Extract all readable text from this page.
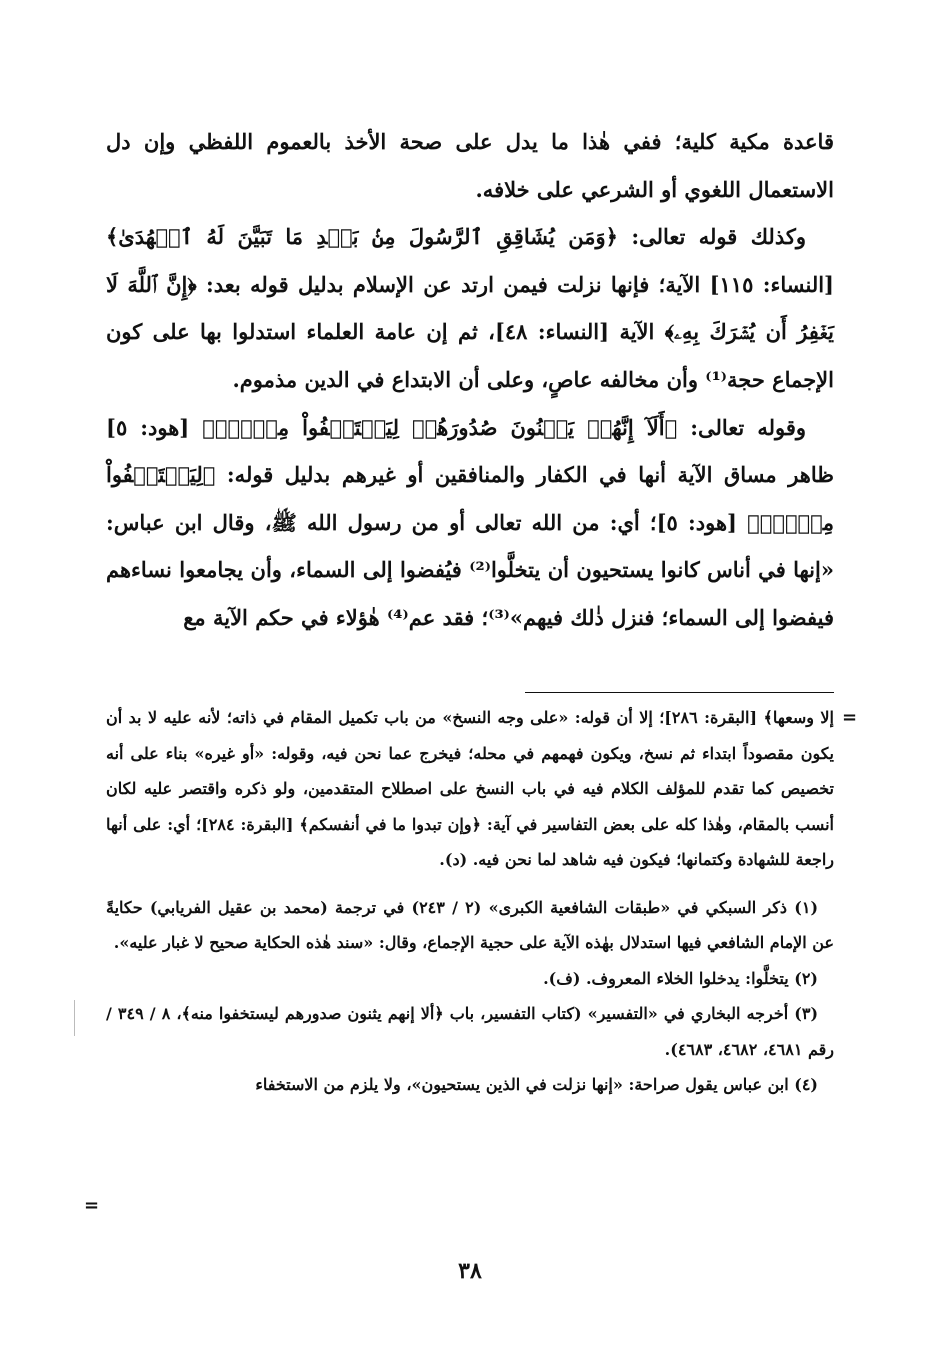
قاعدة مكية كلية؛ ففي هٰذا ما يدل على صحة الأخذ بالعموم اللفظي وإن دل الاستعمال اللغوي أو الشرعي على خلافه.

وكذلك قوله تعالى: ﴿وَمَن يُشَاقِقِ ٱلرَّسُولَ مِنۢ بَعۡدِ مَا تَبَيَّنَ لَهُ ٱلۡهُدَىٰ﴾ [النساء: ١١٥] الآية؛ فإنها نزلت فيمن ارتد عن الإسلام بدليل قوله بعد: ﴿إِنَّ ٱللَّهَ لَا يَغۡفِرُ أَن يُشۡرَكَ بِهِۦ﴾ الآية [النساء: ٤٨]، ثم إن عامة العلماء استدلوا بها على كون الإجماع حجة⁽¹⁾ وأن مخالفه عاصٍ، وعلى أن الابتداع في الدين مذموم.

وقوله تعالى: ﴿أَلَآ إِنَّهُمۡ يَثۡنُونَ صُدُورَهُمۡ لِيَسۡتَخۡفُواْ مِنۡهُۚ﴾ [هود: ٥] ظاهر مساق الآية أنها في الكفار والمنافقين أو غيرهم بدليل قوله: ﴿لِيَسۡتَخۡفُواْ مِنۡهُۚ﴾ [هود: ٥]؛ أي: من الله تعالى أو من رسول الله ﷺ، وقال ابن عباس: «إنها في أناس كانوا يستحيون أن يتخلَّوا⁽²⁾ فيُفضوا إلى السماء، وأن يجامعوا نساءهم فيفضوا إلى السماء؛ فنزل ذٰلك فيهم»⁽³⁾؛ فقد عم⁽⁴⁾ هٰؤلاء في حكم الآية مع

=

إلا وسعها﴾ [البقرة: ٢٨٦]؛ إلا أن قوله: «على وجه النسخ» من باب تكميل المقام في ذاته؛ لأنه عليه لا بد أن يكون مقصوداً ابتداء ثم نسخ، ويكون فهمهم في محله؛ فيخرج عما نحن فيه، وقوله: «أو غيره» بناء على أنه تخصيص كما تقدم للمؤلف الكلام فيه في باب النسخ على اصطلاح المتقدمين، ولو ذكره واقتصر عليه لكان أنسب بالمقام، وهٰذا كله على بعض التفاسير في آية: ﴿وإن تبدوا ما في أنفسكم﴾ [البقرة: ٢٨٤]؛ أي: على أنها راجعة للشهادة وكتمانها؛ فيكون فيه شاهد لما نحن فيه. (د).

(١) ذكر السبكي في «طبقات الشافعية الكبرى» (٢ / ٢٤٣) في ترجمة (محمد بن عقيل الفريابي) حكايةً عن الإمام الشافعي فيها استدلال بهٰذه الآية على حجية الإجماع، وقال: «سند هٰذه الحكاية صحيح لا غبار عليه».

(٢) يتخلَّوا: يدخلوا الخلاء المعروف. (ف).

(٣) أخرجه البخاري في «التفسير» (كتاب التفسير، باب ﴿ألا إنهم يثنون صدورهم ليستخفوا منه﴾، ٨ / ٣٤٩ / رقم ٤٦٨١، ٤٦٨٢، ٤٦٨٣).

(٤) ابن عباس يقول صراحة: «إنها نزلت في الذين يستحيون»، ولا يلزم من الاستخفاء

=
٣٨
